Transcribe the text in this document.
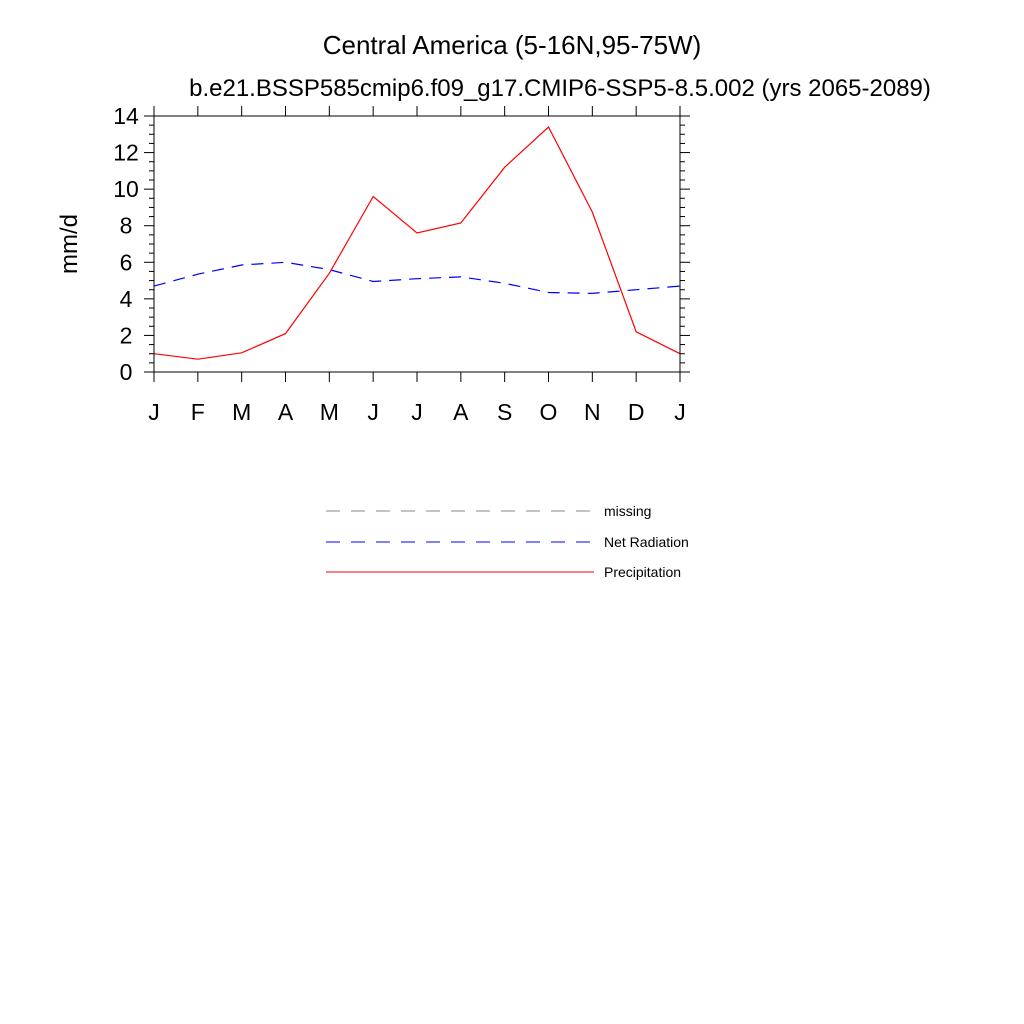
Central America (5-16N,95-75W)
b.e21.BSSP585cmip6.f09_g17.CMIP6-SSP5-8.5.002 (yrs 2065-2089)
mm/d
0
2
4
6
8
10
12
14
J F M A M J J A S O N D J
missing
Net Radiation
Precipitation
